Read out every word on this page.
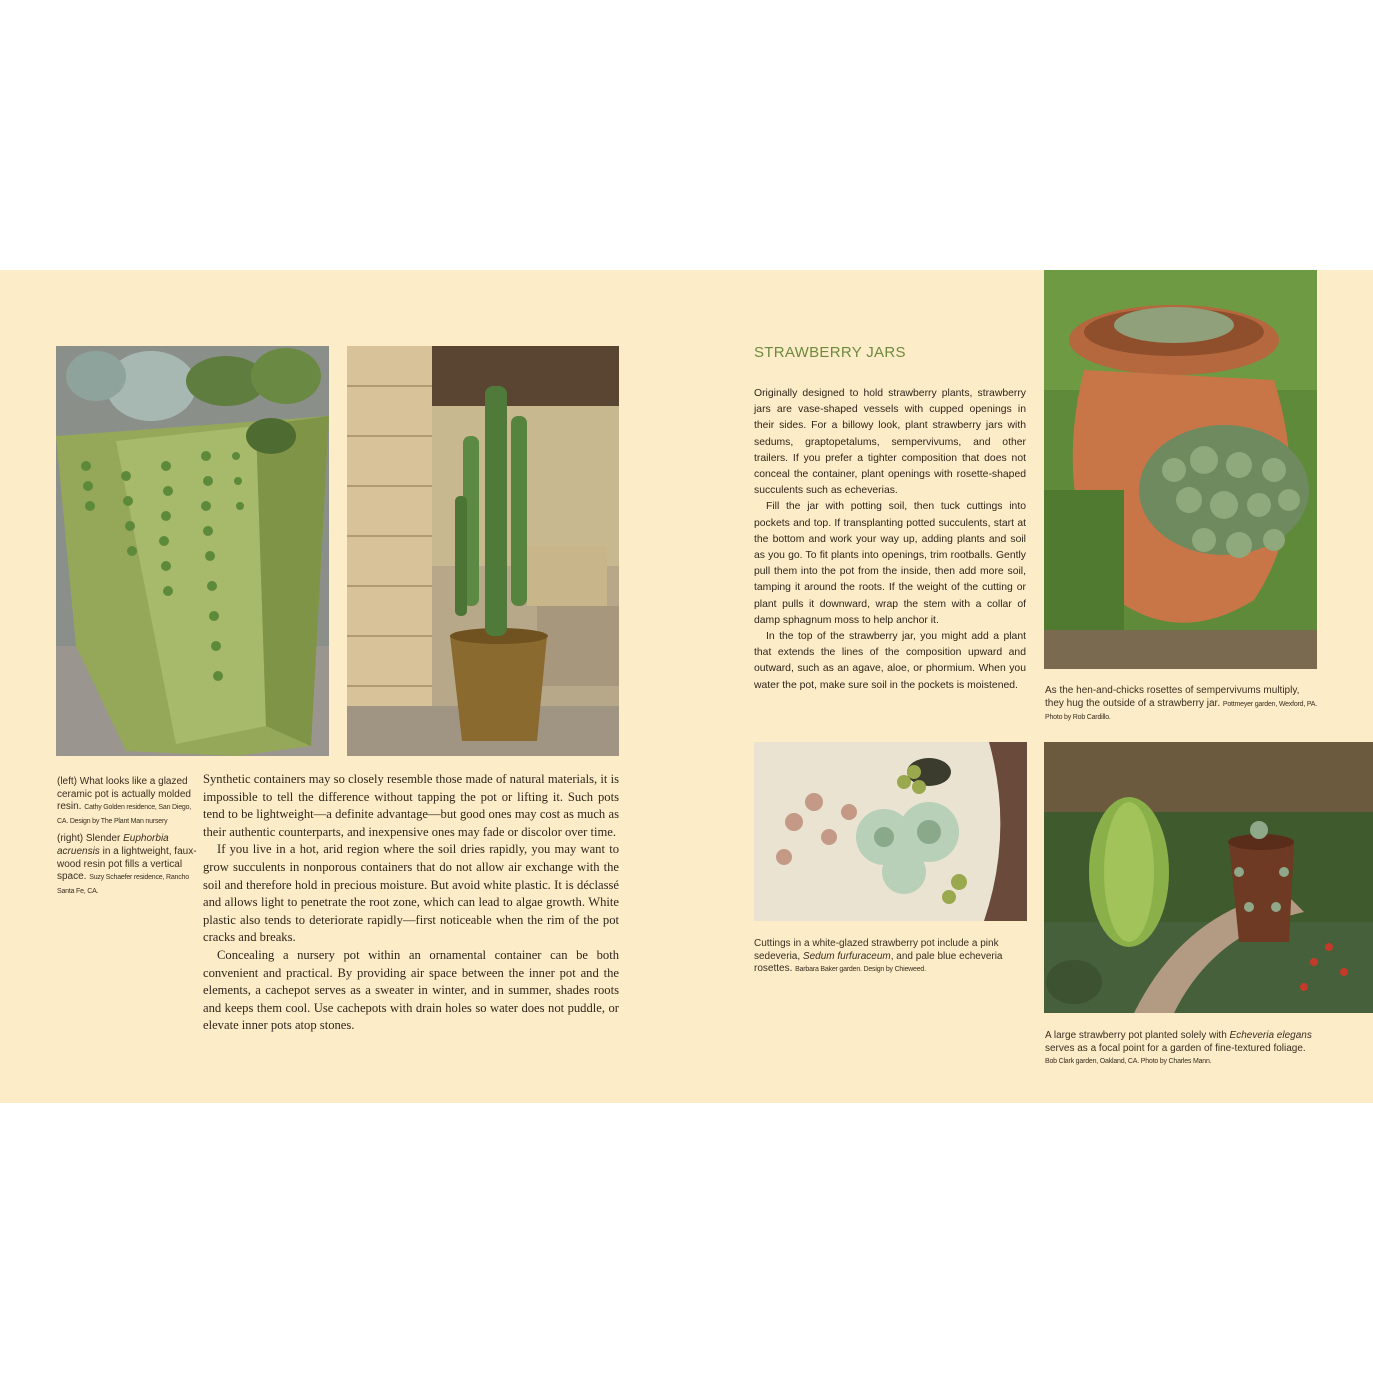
(left) What looks like a glazed ceramic pot is actually molded resin. Cathy Golden residence, San Diego, CA. Design by The Plant Man nursery

(right) Slender Euphorbia acruensis in a lightweight, faux-wood resin pot fills a vertical space. Suzy Schaefer residence, Rancho Santa Fe, CA.

Synthetic containers may so closely resemble those made of natural materials, it is impossible to tell the difference without tapping the pot or lifting it. Such pots tend to be lightweight—a definite advantage—but good ones may cost as much as their authentic counterparts, and inexpensive ones may fade or discolor over time.

If you live in a hot, arid region where the soil dries rapidly, you may want to grow succulents in nonporous containers that do not allow air exchange with the soil and therefore hold in precious moisture. But avoid white plastic. It is déclassé and allows light to penetrate the root zone, which can lead to algae growth. White plastic also tends to deteriorate rapidly—first noticeable when the rim of the pot cracks and breaks.

Concealing a nursery pot within an ornamental container can be both convenient and practical. By providing air space between the inner pot and the elements, a cachepot serves as a sweater in winter, and in summer, shades roots and keeps them cool. Use cachepots with drain holes so water does not puddle, or elevate inner pots atop stones.

STRAWBERRY JARS

Originally designed to hold strawberry plants, strawberry jars are vase-shaped vessels with cupped openings in their sides. For a billowy look, plant strawberry jars with sedums, graptopetalums, sempervivums, and other trailers. If you prefer a tighter composition that does not conceal the container, plant openings with rosette-shaped succulents such as echeverias.

Fill the jar with potting soil, then tuck cuttings into pockets and top. If transplanting potted succulents, start at the bottom and work your way up, adding plants and soil as you go. To fit plants into openings, trim rootballs. Gently pull them into the pot from the inside, then add more soil, tamping it around the roots. If the weight of the cutting or plant pulls it downward, wrap the stem with a collar of damp sphagnum moss to help anchor it.

In the top of the strawberry jar, you might add a plant that extends the lines of the composition upward and outward, such as an agave, aloe, or phormium. When you water the pot, make sure soil in the pockets is moistened.	As the hen-and-chicks rosettes of sempervivums multiply, they hug the outside of a strawberry jar. Pottmeyer garden, Wexford, PA. Photo by Rob Cardillo.
Cuttings in a white-glazed strawberry pot include a pink sedeveria, Sedum furfuraceum, and pale blue echeveria rosettes. Barbara Baker garden. Design by Chieweed.
A large strawberry pot planted solely with Echeveria elegans serves as a focal point for a garden of fine-textured foliage. Bob Clark garden, Oakland, CA. Photo by Charles Mann.
